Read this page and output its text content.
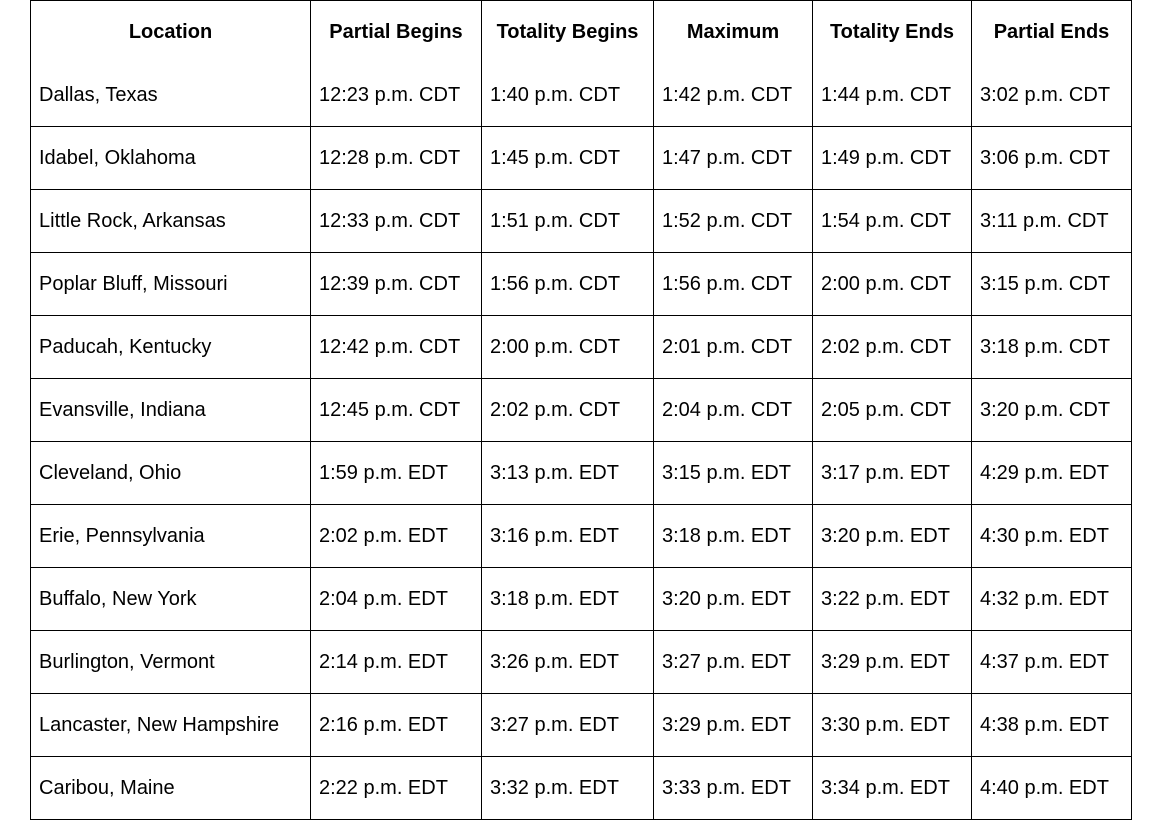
Location	Partial Begins	Totality Begins	Maximum	Totality Ends	Partial Ends
Dallas, Texas	12:23 p.m. CDT	1:40 p.m. CDT	1:42 p.m. CDT	1:44 p.m. CDT	3:02 p.m. CDT
Idabel, Oklahoma	12:28 p.m. CDT	1:45 p.m. CDT	1:47 p.m. CDT	1:49 p.m. CDT	3:06 p.m. CDT
Little Rock, Arkansas	12:33 p.m. CDT	1:51 p.m. CDT	1:52 p.m. CDT	1:54 p.m. CDT	3:11 p.m. CDT
Poplar Bluff, Missouri	12:39 p.m. CDT	1:56 p.m. CDT	1:56 p.m. CDT	2:00 p.m. CDT	3:15 p.m. CDT
Paducah, Kentucky	12:42 p.m. CDT	2:00 p.m. CDT	2:01 p.m. CDT	2:02 p.m. CDT	3:18 p.m. CDT
Evansville, Indiana	12:45 p.m. CDT	2:02 p.m. CDT	2:04 p.m. CDT	2:05 p.m. CDT	3:20 p.m. CDT
Cleveland, Ohio	1:59 p.m. EDT	3:13 p.m. EDT	3:15 p.m. EDT	3:17 p.m. EDT	4:29 p.m. EDT
Erie, Pennsylvania	2:02 p.m. EDT	3:16 p.m. EDT	3:18 p.m. EDT	3:20 p.m. EDT	4:30 p.m. EDT
Buffalo, New York	2:04 p.m. EDT	3:18 p.m. EDT	3:20 p.m. EDT	3:22 p.m. EDT	4:32 p.m. EDT
Burlington, Vermont	2:14 p.m. EDT	3:26 p.m. EDT	3:27 p.m. EDT	3:29 p.m. EDT	4:37 p.m. EDT
Lancaster, New Hampshire	2:16 p.m. EDT	3:27 p.m. EDT	3:29 p.m. EDT	3:30 p.m. EDT	4:38 p.m. EDT
Caribou, Maine	2:22 p.m. EDT	3:32 p.m. EDT	3:33 p.m. EDT	3:34 p.m. EDT	4:40 p.m. EDT
